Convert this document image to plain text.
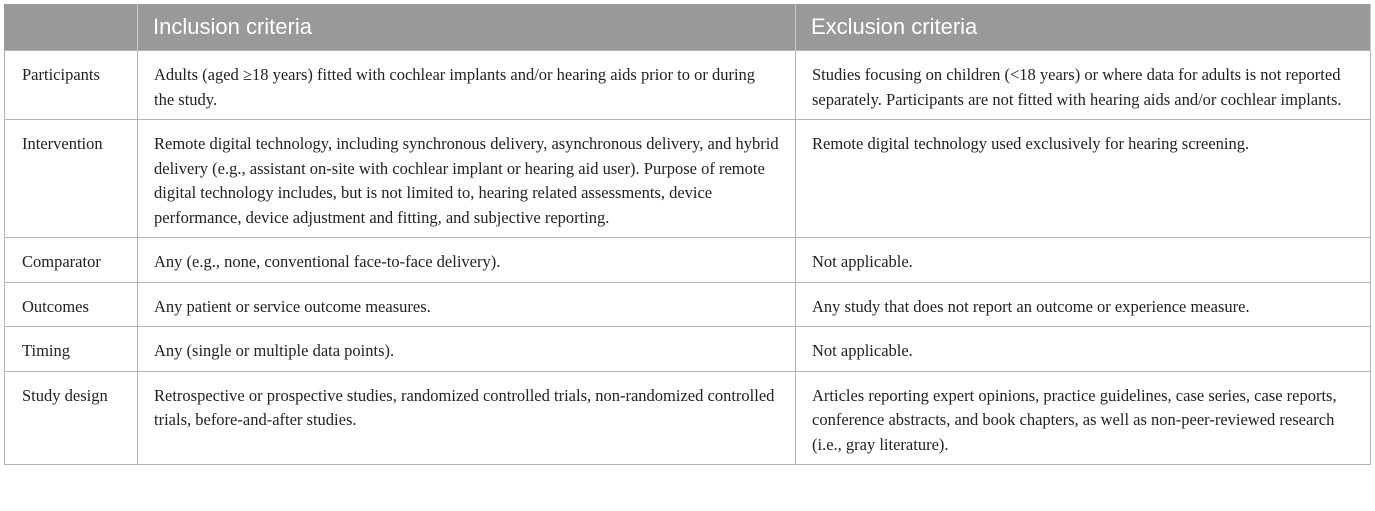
	Inclusion criteria	Exclusion criteria
Participants	Adults (aged ≥18 years) fitted with cochlear implants and/or hearing aids prior to or during the study.	Studies focusing on children (<18 years) or where data for adults is not reported separately. Participants are not fitted with hearing aids and/or cochlear implants.
Intervention	Remote digital technology, including synchronous delivery, asynchronous delivery, and hybrid delivery (e.g., assistant on-site with cochlear implant or hearing aid user). Purpose of remote digital technology includes, but is not limited to, hearing related assessments, device performance, device adjustment and fitting, and subjective reporting.	Remote digital technology used exclusively for hearing screening.
Comparator	Any (e.g., none, conventional face-to-face delivery).	Not applicable.
Outcomes	Any patient or service outcome measures.	Any study that does not report an outcome or experience measure.
Timing	Any (single or multiple data points).	Not applicable.
Study design	Retrospective or prospective studies, randomized controlled trials, non-randomized controlled trials, before-and-after studies.	Articles reporting expert opinions, practice guidelines, case series, case reports, conference abstracts, and book chapters, as well as non-peer-reviewed research (i.e., gray literature).
